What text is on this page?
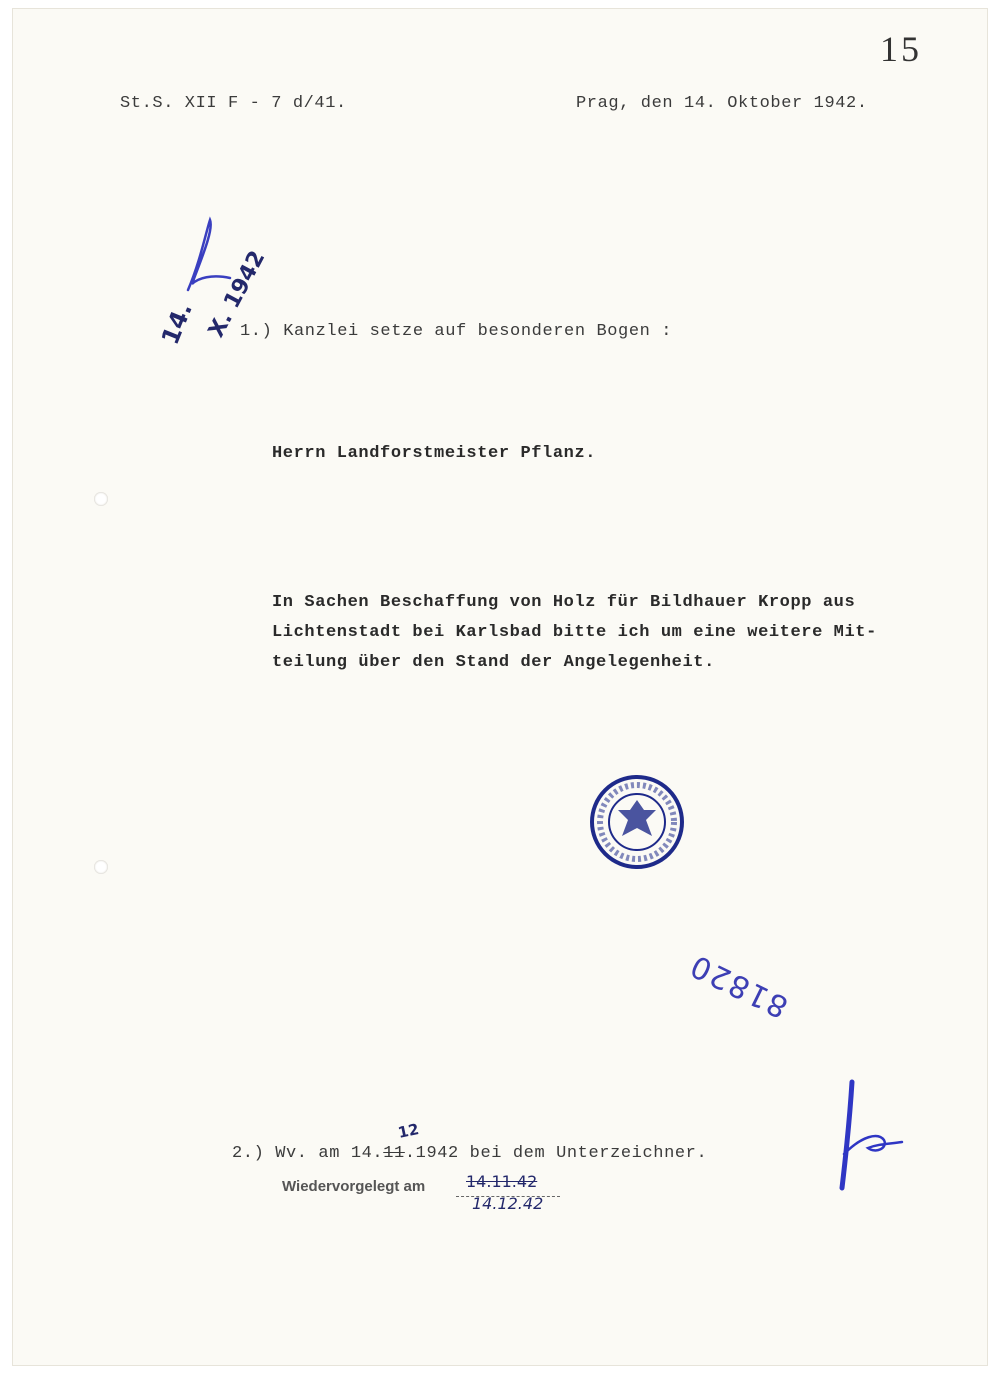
15
St.S. XII F - 7 d/41.	Prag, den 14. Oktober 1942.
14. X. 1942
1.) Kanzlei setze auf besonderen Bogen :
Herrn Landforstmeister Pflanz.
In Sachen Beschaffung von Holz für Bildhauer Kropp aus
Lichtenstadt bei Karlsbad bitte ich um eine weitere Mit-
teilung über den Stand der Angelegenheit.
81820
2.) Wv. am 14.11.1942 bei dem Unterzeichner.
12
Wiedervorgelegt am	14.11.42
14.12.42
